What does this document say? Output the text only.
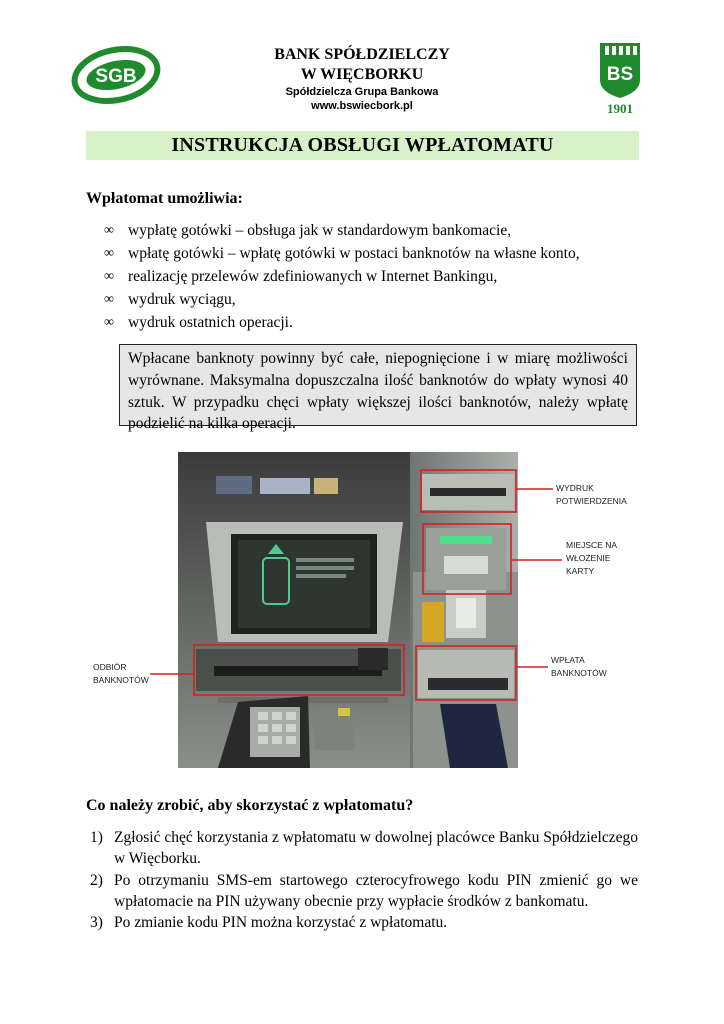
SGB	BS
1901
BANK SPÓŁDZIELCZY
W WIĘCBORKU
Spółdzielcza Grupa Bankowa
www.bswiecbork.pl
INSTRUKCJA OBSŁUGI WPŁATOMATU
Wpłatomat umożliwia:
∞ wypłatę gotówki – obsługa jak w standardowym bankomacie,
∞ wpłatę gotówki – wpłatę gotówki w postaci banknotów na własne konto,
∞ realizację przelewów zdefiniowanych w Internet Bankingu,
∞ wydruk wyciągu,
∞ wydruk ostatnich operacji.
Wpłacane banknoty powinny być całe, niepognięcione i w miarę możliwości wyrównane. Maksymalna dopuszczalna ilość banknotów do wpłaty wynosi 40 sztuk. W przypadku chęci wpłaty większej ilości banknotów, należy wpłatę podzielić na kilka operacji.
WYDRUK
POTWIERDZENIA
MIEJSCE NA
WŁOŻENIE
KARTY
ODBIÓR
BANKNOTÓW
WPŁATA
BANKNOTÓW
Co należy zrobić, aby skorzystać z wpłatomatu?
1) Zgłosić chęć korzystania z wpłatomatu w dowolnej placówce Banku Spółdzielczego w Więcborku.
2) Po otrzymaniu SMS-em startowego czterocyfrowego kodu PIN zmienić go we wpłatomacie na PIN używany obecnie przy wypłacie środków z bankomatu.
3) Po zmianie kodu PIN można korzystać z wpłatomatu.
